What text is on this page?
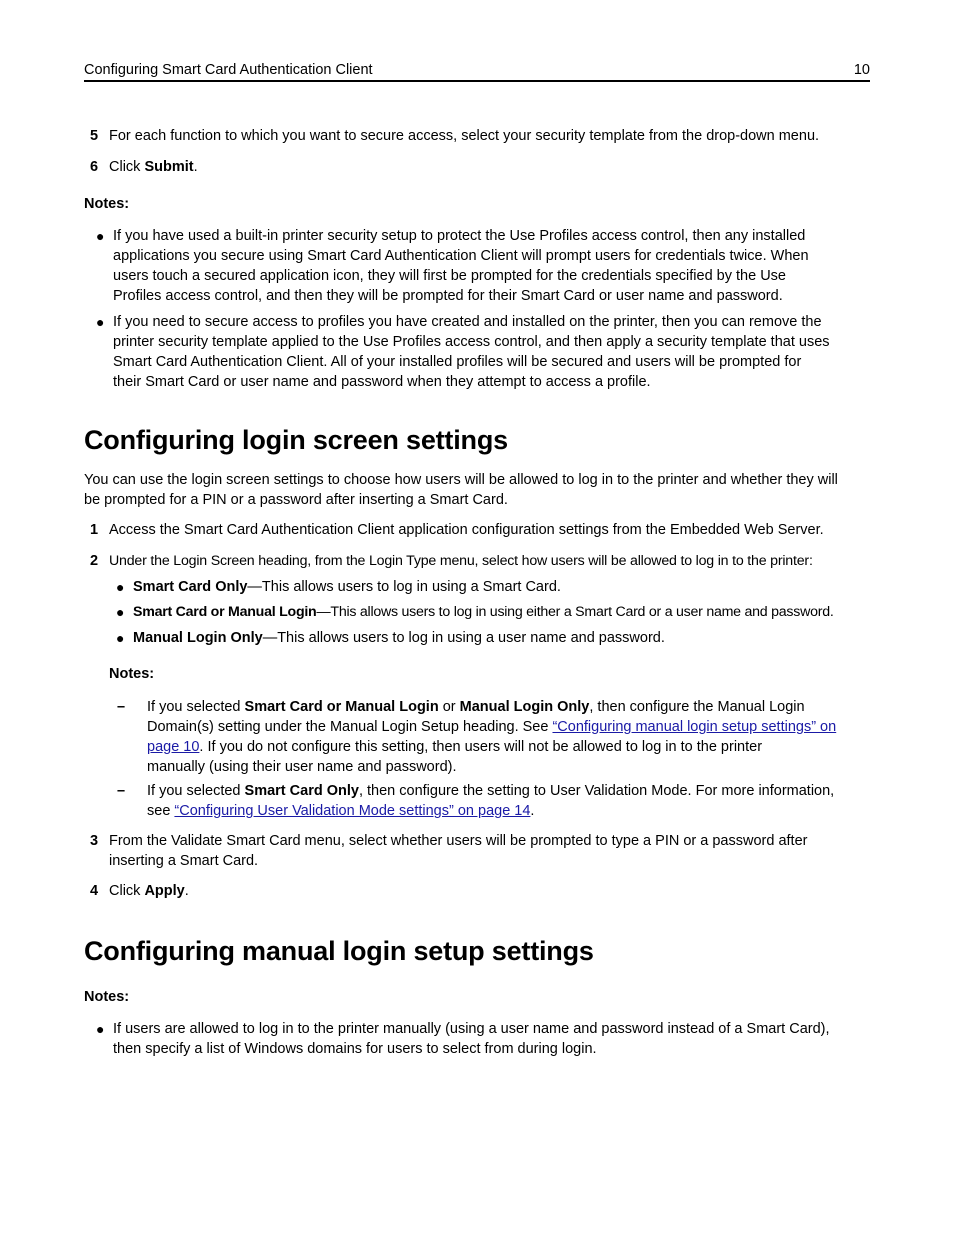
Configuring Smart Card Authentication Client	10
5 For each function to which you want to secure access, select your security template from the drop-down menu.
6 Click Submit.
Notes:
● If you have used a built-in printer security setup to protect the Use Profiles access control, then any installed
applications you secure using Smart Card Authentication Client will prompt users for credentials twice. When
users touch a secured application icon, they will first be prompted for the credentials specified by the Use
Profiles access control, and then they will be prompted for their Smart Card or user name and password.
● If you need to secure access to profiles you have created and installed on the printer, then you can remove the
printer security template applied to the Use Profiles access control, and then apply a security template that uses
Smart Card Authentication Client. All of your installed profiles will be secured and users will be prompted for
their Smart Card or user name and password when they attempt to access a profile.
Configuring login screen settings
You can use the login screen settings to choose how users will be allowed to log in to the printer and whether they will
be prompted for a PIN or a password after inserting a Smart Card.
1 Access the Smart Card Authentication Client application configuration settings from the Embedded Web Server.
2 Under the Login Screen heading, from the Login Type menu, select how users will be allowed to log in to the printer:
● Smart Card Only—This allows users to log in using a Smart Card.
● Smart Card or Manual Login—This allows users to log in using either a Smart Card or a user name and password.
● Manual Login Only—This allows users to log in using a user name and password.
Notes:
– If you selected Smart Card or Manual Login or Manual Login Only, then configure the Manual Login
Domain(s) setting under the Manual Login Setup heading. See “Configuring manual login setup settings” on
page 10. If you do not configure this setting, then users will not be allowed to log in to the printer
manually (using their user name and password).
– If you selected Smart Card Only, then configure the setting to User Validation Mode. For more information,
see “Configuring User Validation Mode settings” on page 14.
3 From the Validate Smart Card menu, select whether users will be prompted to type a PIN or a password after
inserting a Smart Card.
4 Click Apply.
Configuring manual login setup settings
Notes:
● If users are allowed to log in to the printer manually (using a user name and password instead of a Smart Card),
then specify a list of Windows domains for users to select from during login.
